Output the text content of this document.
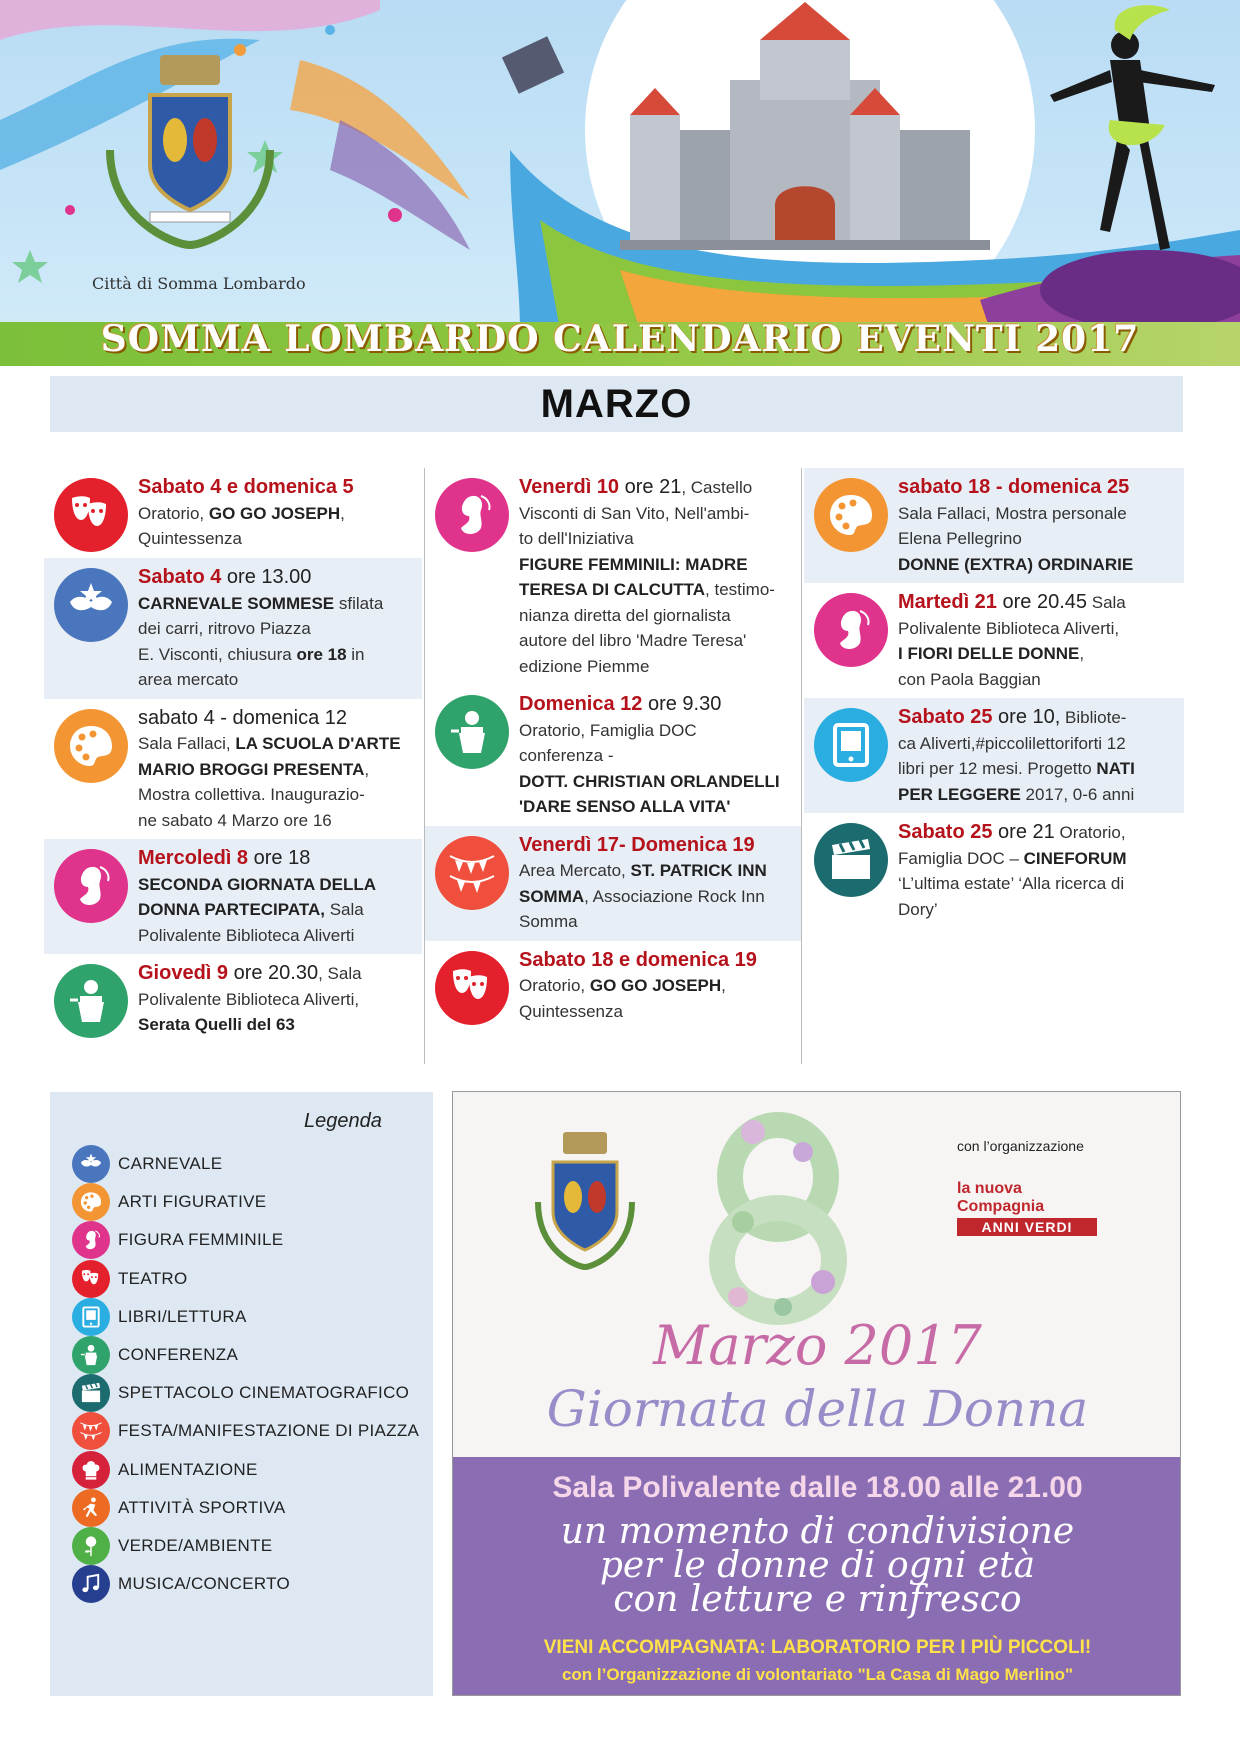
Città di Somma Lombardo
SOMMA LOMBARDO CALENDARIO EVENTI 2017
MARZO
Sabato 4 e domenica 5
Oratorio, GO GO JOSEPH,
Quintessenza
Sabato 4 ore 13.00
CARNEVALE SOMMESE sfilata
dei carri, ritrovo Piazza
E. Visconti, chiusura ore 18 in
area mercato
sabato 4 - domenica 12
Sala Fallaci, LA SCUOLA D'ARTE
MARIO BROGGI PRESENTA,
Mostra collettiva. Inaugurazio-
ne sabato 4 Marzo ore 16
Mercoledì 8 ore 18
SECONDA GIORNATA DELLA
DONNA PARTECIPATA, Sala
Polivalente Biblioteca Aliverti
Giovedì 9 ore 20.30, Sala
Polivalente Biblioteca Aliverti,
Serata Quelli del 63
Venerdì 10 ore 21, Castello
Visconti di San Vito, Nell'ambi-
to dell'Iniziativa
FIGURE FEMMINILI: MADRE
TERESA DI CALCUTTA, testimo-
nianza diretta del giornalista
autore del libro 'Madre Teresa'
edizione Piemme
Domenica 12 ore 9.30
Oratorio, Famiglia DOC
conferenza -
DOTT. CHRISTIAN ORLANDELLI
'DARE SENSO ALLA VITA'
Venerdì 17- Domenica 19
Area Mercato, ST. PATRICK INN
SOMMA, Associazione Rock Inn
Somma
Sabato 18 e domenica 19
Oratorio, GO GO JOSEPH,
Quintessenza
sabato 18 - domenica 25
Sala Fallaci, Mostra personale
Elena Pellegrino
DONNE (EXTRA) ORDINARIE
Martedì 21 ore 20.45 Sala
Polivalente Biblioteca Aliverti,
I FIORI DELLE DONNE,
con Paola Baggian
Sabato 25 ore 10, Bibliote-
ca Aliverti,#piccolilettoriforti 12
libri per 12 mesi. Progetto NATI
PER LEGGERE 2017, 0-6 anni
Sabato 25 ore 21 Oratorio,
Famiglia DOC – CINEFORUM
‘L’ultima estate’ ‘Alla ricerca di
Dory’
Legenda
CARNEVALE
ARTI FIGURATIVE
FIGURA FEMMINILE
TEATRO
LIBRI/LETTURA
CONFERENZA
SPETTACOLO CINEMATOGRAFICO
FESTA/MANIFESTAZIONE DI PIAZZA
ALIMENTAZIONE
ATTIVITÀ SPORTIVA
VERDE/AMBIENTE
MUSICA/CONCERTO
con l’organizzazione
la nuova Compagnia
ANNI VERDI
Marzo 2017
Giornata della Donna
Sala Polivalente dalle 18.00 alle 21.00
un momento di condivisione
per le donne di ogni età
con letture e rinfresco
VIENI ACCOMPAGNATA: LABORATORIO PER I PIÙ PICCOLI!
con l’Organizzazione di volontariato "La Casa di Mago Merlino"
